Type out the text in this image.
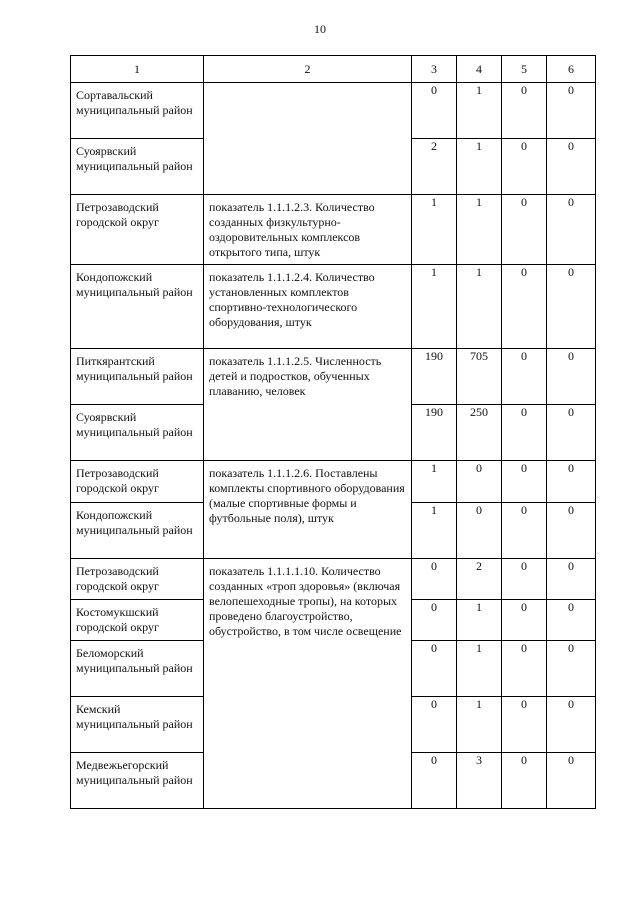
10
1	2	3	4	5	6

Сортавальский муниципальный район		0	1	0	0

Суоярвский муниципальный район		2	1	0	0

Петрозаводский городской округ	показатель 1.1.1.2.3. Количество созданных физкультурно-оздоровительных комплексов открытого типа, штук	1	1	0	0

Кондопожский муниципальный район	показатель 1.1.1.2.4. Количество установленных комплектов спортивно-технологического оборудования, штук	1	1	0	0

Питкярантский муниципальный район	показатель 1.1.1.2.5. Численность детей и подростков, обученных плаванию, человек	190	705	0	0

Суоярвский муниципальный район		190	250	0	0

Петрозаводский городской округ	показатель 1.1.1.2.6. Поставлены комплекты спортивного оборудования (малые спортивные формы и футбольные поля), штук	1	0	0	0

Кондопожский муниципальный район		1	0	0	0

Петрозаводский городской округ	показатель 1.1.1.1.10. Количество созданных «троп здоровья» (включая велопешеходные тропы), на которых проведено благоустройство, обустройство, в том числе освещение	0	2	0	0

Костомукшский городской округ		0	1	0	0

Беломорский муниципальный район		0	1	0	0

Кемский муниципальный район		0	1	0	0

Медвежьегорский муниципальный район		0	3	0	0
